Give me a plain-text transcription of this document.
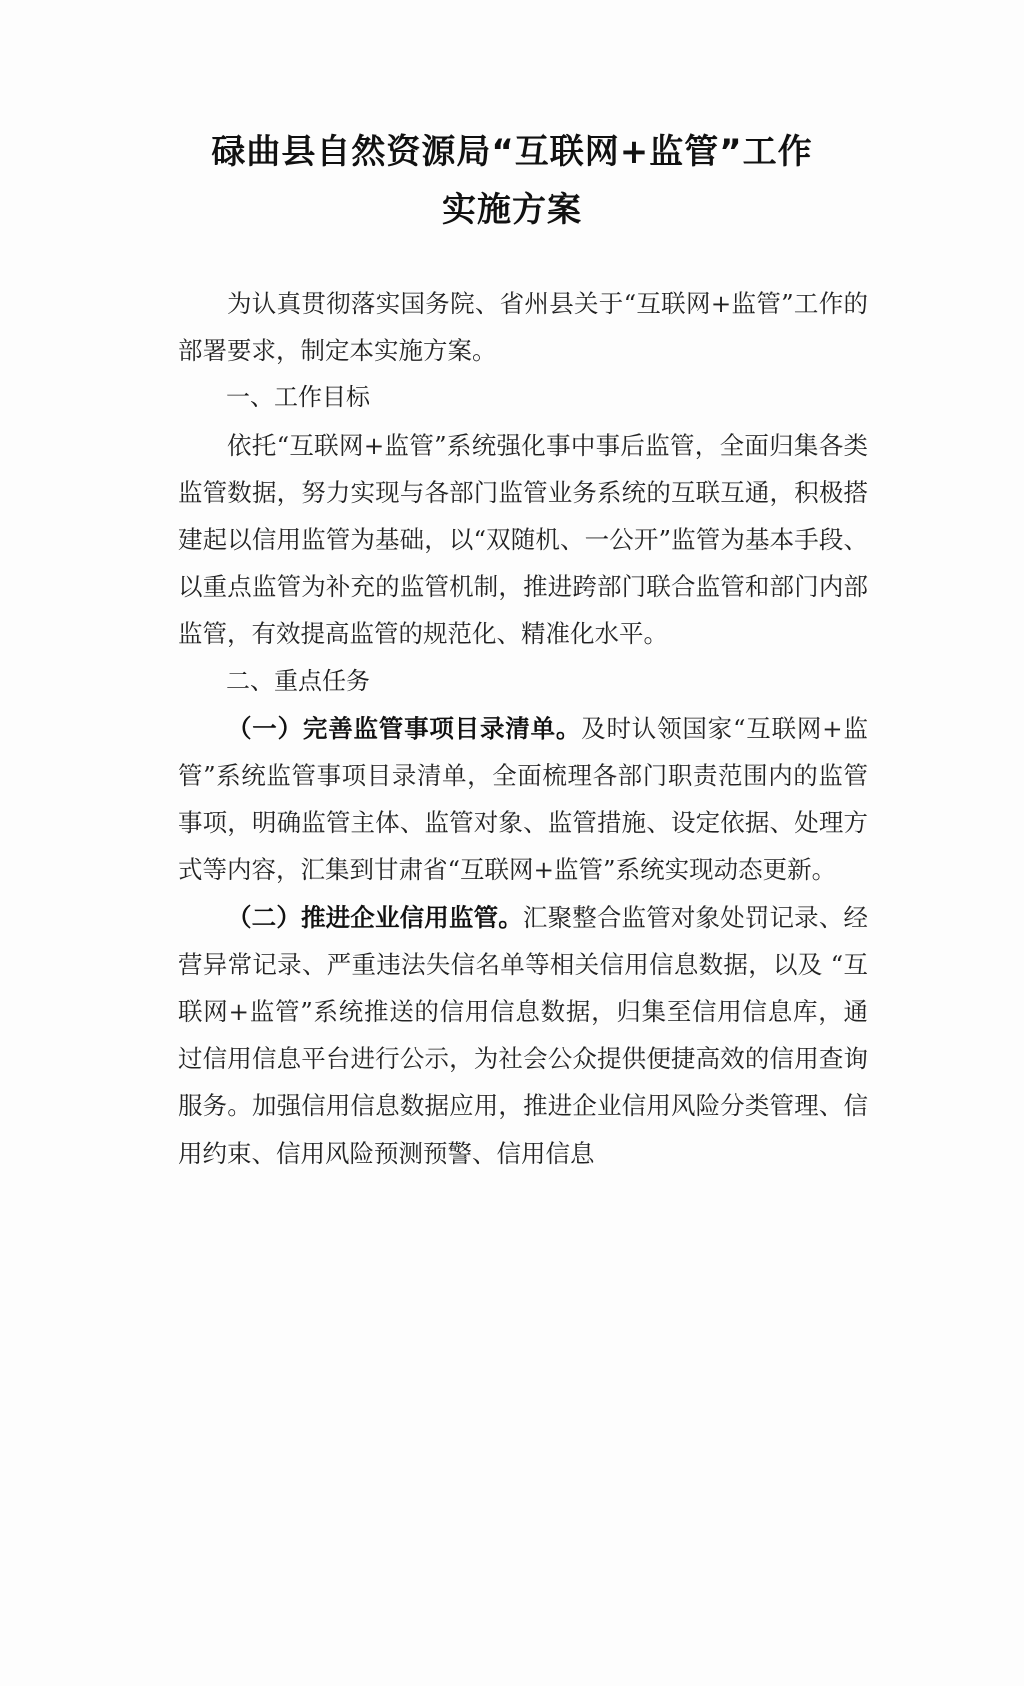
碌曲县自然资源局“互联网+监管”工作
实施方案

为认真贯彻落实国务院、省州县关于“互联网+监管”工作的部署要求，制定本实施方案。

一、工作目标

依托“互联网+监管”系统强化事中事后监管，全面归集各类监管数据，努力实现与各部门监管业务系统的互联互通，积极搭建起以信用监管为基础，以“双随机、一公开”监管为基本手段、以重点监管为补充的监管机制，推进跨部门联合监管和部门内部监管，有效提高监管的规范化、精准化水平。

二、重点任务

（一）完善监管事项目录清单。及时认领国家“互联网+监管”系统监管事项目录清单，全面梳理各部门职责范围内的监管事项，明确监管主体、监管对象、监管措施、设定依据、处理方式等内容，汇集到甘肃省“互联网+监管”系统实现动态更新。

（二）推进企业信用监管。汇聚整合监管对象处罚记录、经营异常记录、严重违法失信名单等相关信用信息数据，以及 “互联网+监管”系统推送的信用信息数据，归集至信用信息库，通过信用信息平台进行公示，为社会公众提供便捷高效的信用查询服务。加强信用信息数据应用，推进企业信用风险分类管理、信用约束、信用风险预测预警、信用信息
